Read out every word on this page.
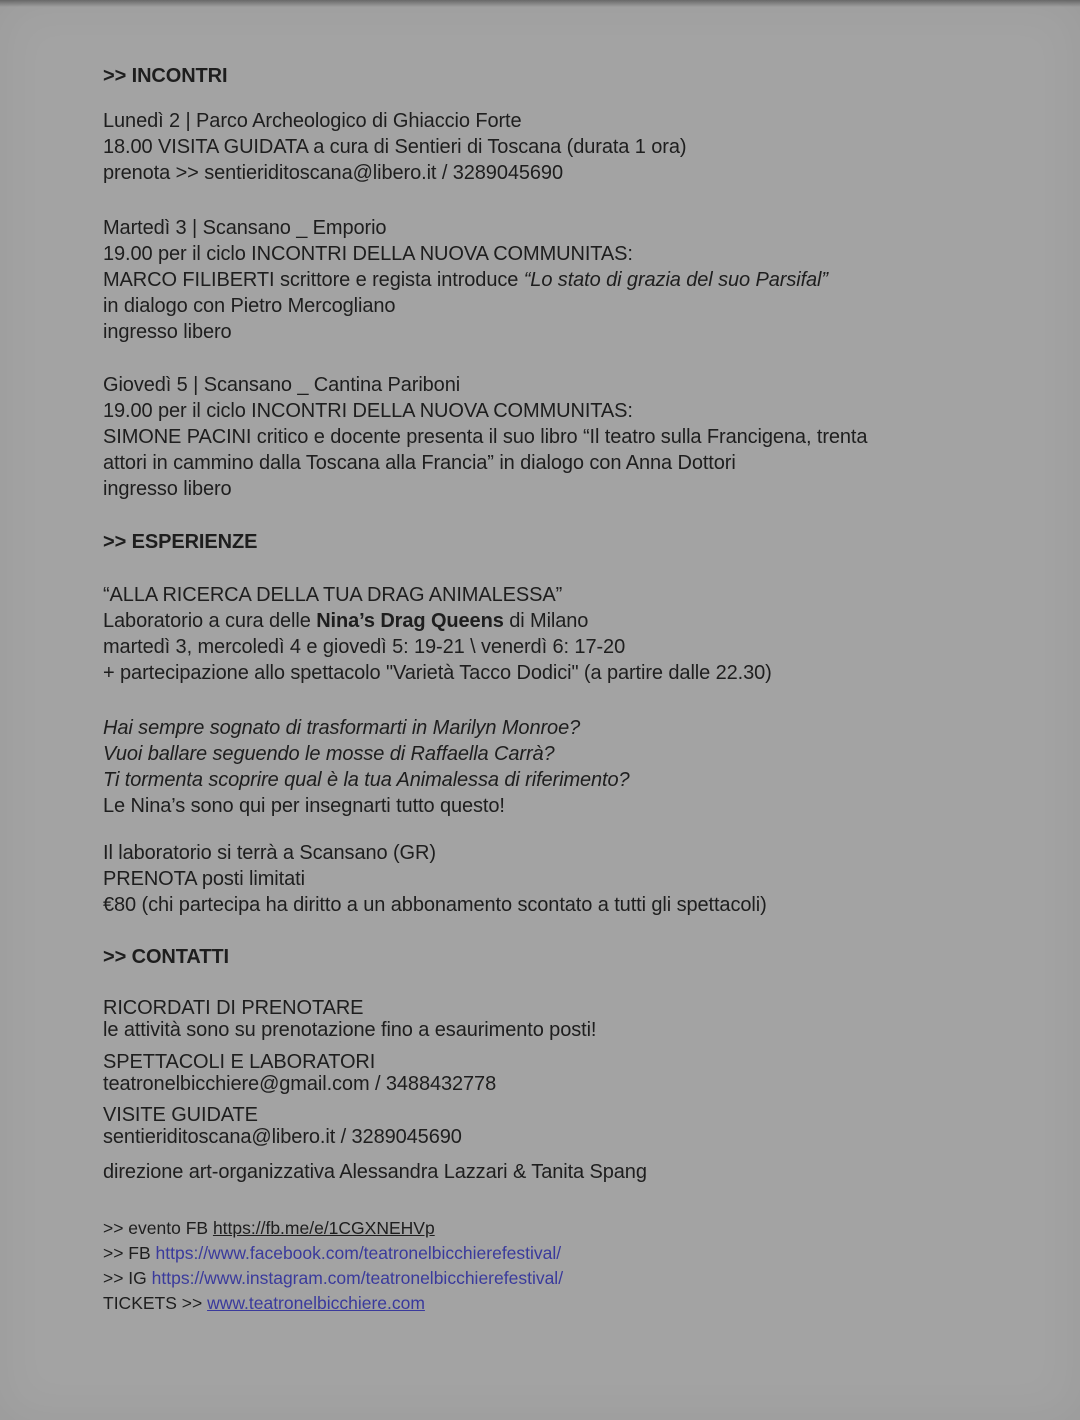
>> INCONTRI

Lunedì 2 | Parco Archeologico di Ghiaccio Forte

18.00 VISITA GUIDATA a cura di Sentieri di Toscana (durata 1 ora)

prenota >> sentieriditoscana@libero.it / 3289045690

Martedì 3 | Scansano _ Emporio

19.00 per il ciclo INCONTRI DELLA NUOVA COMMUNITAS:

MARCO FILIBERTI scrittore e regista introduce “Lo stato di grazia del suo Parsifal”

in dialogo con Pietro Mercogliano

ingresso libero

Giovedì 5 | Scansano _ Cantina Pariboni

19.00 per il ciclo INCONTRI DELLA NUOVA COMMUNITAS:

SIMONE PACINI critico e docente presenta il suo libro “Il teatro sulla Francigena, trenta

attori in cammino dalla Toscana alla Francia” in dialogo con Anna Dottori

ingresso libero

>> ESPERIENZE

“ALLA RICERCA DELLA TUA DRAG ANIMALESSA”

Laboratorio a cura delle Nina’s Drag Queens di Milano

martedì 3, mercoledì 4 e giovedì 5: 19-21 \ venerdì 6: 17-20

+ partecipazione allo spettacolo "Varietà Tacco Dodici" (a partire dalle 22.30)

Hai sempre sognato di trasformarti in Marilyn Monroe?

Vuoi ballare seguendo le mosse di Raffaella Carrà?

Ti tormenta scoprire qual è la tua Animalessa di riferimento?

Le Nina’s sono qui per insegnarti tutto questo!

Il laboratorio si terrà a Scansano (GR)

PRENOTA posti limitati

€80 (chi partecipa ha diritto a un abbonamento scontato a tutti gli spettacoli)

>> CONTATTI

RICORDATI DI PRENOTARE

le attività sono su prenotazione fino a esaurimento posti!

SPETTACOLI E LABORATORI

teatronelbicchiere@gmail.com / 3488432778

VISITE GUIDATE

sentieriditoscana@libero.it / 3289045690

direzione art-organizzativa Alessandra Lazzari & Tanita Spang

>> evento FB https://fb.me/e/1CGXNEHVp

>> FB https://www.facebook.com/teatronelbicchierefestival/

>> IG https://www.instagram.com/teatronelbicchierefestival/

TICKETS >> www.teatronelbicchiere.com
